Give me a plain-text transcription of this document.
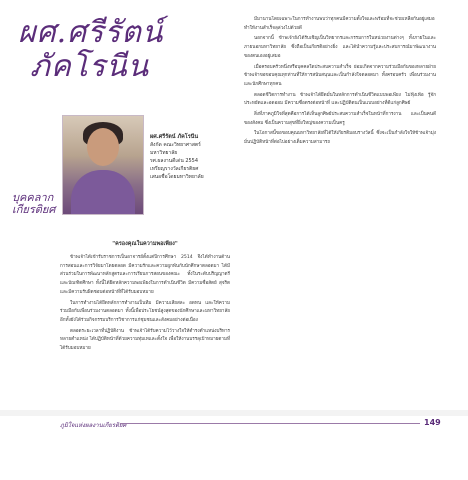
ผศ.ศรีรัตน์
ภัคโรนีน
บุคคลาก
เกียรติยศ
ผศ.ศรีรัตน์ ภัคโรนีน
สังกัด คณะวิทยาศาสตร์ มหาวิทยาลัย
รศ.ผลงานดีเด่น 2554
เหรียญรางวัลเกียรติยศ
เสนอชื่อโดยมหาวิทยาลัย
"ครองคุณในความพอเพียง"

ข้าพเจ้าได้เข้ารับราชการเป็นอาจารย์ตั้งแต่ปีการศึกษา 2514 จึงได้ทำงานด้านการสอนและการวิจัยมาโดยตลอด มีความรักและความผูกพันกับนักศึกษาตลอดมา ได้มีส่วนร่วมในการพัฒนาหลักสูตรและการเรียนการสอนของคณะ ทั้งในระดับปริญญาตรีและบัณฑิตศึกษา ทั้งนี้ได้ยึดหลักความพอเพียงในการดำเนินชีวิต มีความซื่อสัตย์ สุจริต และมีความรับผิดชอบต่อหน้าที่ที่ได้รับมอบหมาย

ในการทำงานได้ยึดหลักการทำงานเป็นทีม มีความเสียสละ อดทน และให้ความร่วมมือกับเพื่อนร่วมงานตลอดมา ทั้งนี้เพื่อประโยชน์สูงสุดของนักศึกษาและมหาวิทยาลัย อีกทั้งยังได้ร่วมกิจกรรมบริการวิชาการแก่ชุมชนและสังคมอย่างต่อเนื่อง

ตลอดระยะเวลาที่ปฏิบัติงาน ข้าพเจ้าได้รับความไว้วางใจให้ดำรงตำแหน่งบริหารหลายตำแหน่ง ได้ปฏิบัติหน้าที่ด้วยความทุ่มเทและตั้งใจ เพื่อให้งานบรรลุเป้าหมายตามที่ได้รับมอบหมาย

มีมานานโดยเฉพาะในการทำงานพบว่าทุกคนมีความตั้งใจและพร้อมที่จะช่วยเหลือกันอยู่เสมอ ทำให้งานสำเร็จลุล่วงไปด้วยดี

นอกจากนี้ ข้าพเจ้ายังได้รับเชิญเป็นวิทยากรและกรรมการในหน่วยงานต่างๆ ทั้งภายในและภายนอกมหาวิทยาลัย ซึ่งถือเป็นเกียรติอย่างยิ่ง และได้นำความรู้และประสบการณ์มาพัฒนางานของตนเองอยู่เสมอ

เมื่อครอบครัวหนึ่งหรือบุคคลใดประสบความสำเร็จ ย่อมเกิดจากความร่วมมือกันของหลายฝ่าย ข้าพเจ้าขอขอบคุณทุกท่านที่ให้การสนับสนุนและเป็นกำลังใจตลอดมา ทั้งครอบครัว เพื่อนร่วมงาน และนักศึกษาทุกคน

ตลอดชีวิตการทำงาน ข้าพเจ้าได้ยึดมั่นในหลักการดำเนินชีวิตแบบพอเพียง ไม่ฟุ้งเฟ้อ รู้จักประหยัดและอดออม มีความซื่อตรงต่อหน้าที่ และปฏิบัติตนเป็นแบบอย่างที่ดีแก่ลูกศิษย์

สิ่งที่ภาคภูมิใจที่สุดคือการได้เห็นลูกศิษย์ประสบความสำเร็จในหน้าที่การงาน และเป็นคนดีของสังคม ซึ่งเป็นความสุขที่ยิ่งใหญ่ของความเป็นครู

ในโอกาสนี้ขอขอบคุณมหาวิทยาลัยที่ได้ให้เกียรติมอบรางวัลนี้ ซึ่งจะเป็นกำลังใจให้ข้าพเจ้ามุ่งมั่นปฏิบัติหน้าที่ต่อไปอย่างเต็มความสามารถ

ภูมิใจแห่งผลงานเกียรติยศ	149
